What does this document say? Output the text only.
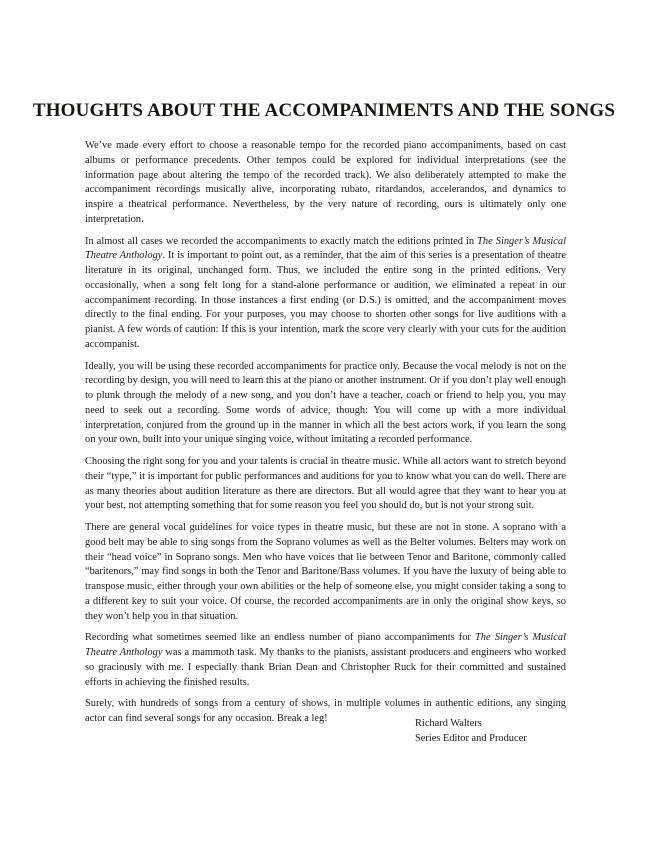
THOUGHTS ABOUT THE ACCOMPANIMENTS AND THE SONGS

We’ve made every effort to choose a reasonable tempo for the recorded piano accompaniments, based on cast albums or performance precedents. Other tempos could be explored for individual interpretations (see the information page about altering the tempo of the recorded track). We also deliberately attempted to make the accompaniment recordings musically alive, incorporating rubato, ritardandos, accelerandos, and dynamics to inspire a theatrical performance. Nevertheless, by the very nature of recording, ours is ultimately only one interpretation.

In almost all cases we recorded the accompaniments to exactly match the editions printed in The Singer’s Musical Theatre Anthology. It is important to point out, as a reminder, that the aim of this series is a presentation of theatre literature in its original, unchanged form. Thus, we included the entire song in the printed editions. Very occasionally, when a song felt long for a stand-alone performance or audition, we eliminated a repeat in our accompaniment recording. In those instances a first ending (or D.S.) is omitted, and the accompaniment moves directly to the final ending. For your purposes, you may choose to shorten other songs for live auditions with a pianist. A few words of caution: If this is your intention, mark the score very clearly with your cuts for the audition accompanist.

Ideally, you will be using these recorded accompaniments for practice only. Because the vocal melody is not on the recording by design, you will need to learn this at the piano or another instrument. Or if you don’t play well enough to plunk through the melody of a new song, and you don’t have a teacher, coach or friend to help you, you may need to seek out a recording. Some words of advice, though: You will come up with a more individual interpretation, conjured from the ground up in the manner in which all the best actors work, if you learn the song on your own, built into your unique singing voice, without imitating a recorded performance.

Choosing the right song for you and your talents is crucial in theatre music. While all actors want to stretch beyond their “type,” it is important for public performances and auditions for you to know what you can do well. There are as many theories about audition literature as there are directors. But all would agree that they want to hear you at your best, not attempting something that for some reason you feel you should do, but is not your strong suit.

There are general vocal guidelines for voice types in theatre music, but these are not in stone. A soprano with a good belt may be able to sing songs from the Soprano volumes as well as the Belter volumes. Belters may work on their “head voice” in Soprano songs. Men who have voices that lie between Tenor and Baritone, commonly called “baritenors,” may find songs in both the Tenor and Baritone/Bass volumes. If you have the luxury of being able to transpose music, either through your own abilities or the help of someone else, you might consider taking a song to a different key to suit your voice. Of course, the recorded accompaniments are in only the original show keys, so they won’t help you in that situation.

Recording what sometimes seemed like an endless number of piano accompaniments for The Singer’s Musical Theatre Anthology was a mammoth task. My thanks to the pianists, assistant producers and engineers who worked so graciously with me. I especially thank Brian Dean and Christopher Ruck for their committed and sustained efforts in achieving the finished results.

Surely, with hundreds of songs from a century of shows, in multiple volumes in authentic editions, any singing actor can find several songs for any occasion. Break a leg!	Richard Walters
Series Editor and Producer
